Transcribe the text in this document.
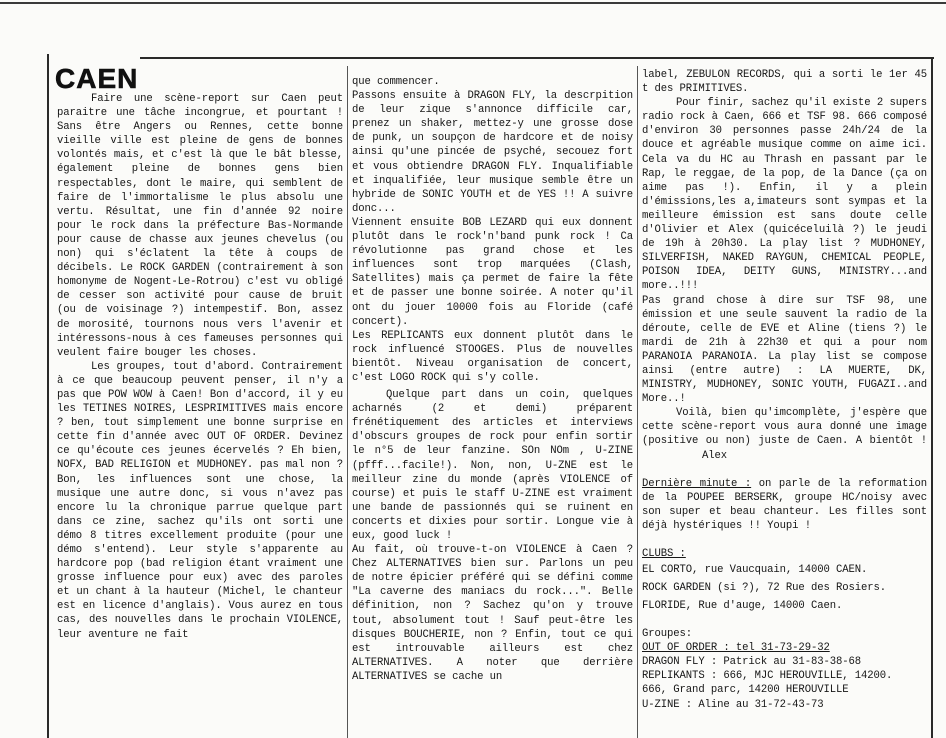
CAEN

Faire une scène-report sur Caen peut paraitre une tâche incongrue, et pourtant ! Sans être Angers ou Rennes, cette bonne vieille ville est pleine de gens de bonnes volontés mais, et c'est là que le bât blesse, également pleine de bonnes gens bien respectables, dont le maire, qui semblent de faire de l'immortalisme le plus absolu une vertu. Résultat, une fin d'année 92 noire pour le rock dans la préfecture Bas-Normande pour cause de chasse aux jeunes chevelus (ou non) qui s'éclatent la tête à coups de décibels. Le ROCK GARDEN (contrairement à son homonyme de Nogent-Le-Rotrou) c'est vu obligé de cesser son activité pour cause de bruit (ou de voisinage ?) intempestif. Bon, assez de morosité, tournons nous vers l'avenir et intéressons-nous à ces fameuses personnes qui veulent faire bouger les choses.

Les groupes, tout d'abord. Contrairement à ce que beaucoup peuvent penser, il n'y a pas que POW WOW à Caen! Bon d'accord, il y eu les TETINES NOIRES, LESPRIMITIVES mais encore ? ben, tout simplement une bonne surprise en cette fin d'année avec OUT OF ORDER. Devinez ce qu'écoute ces jeunes écervelés ? Eh bien, NOFX, BAD RELIGION et MUDHONEY. pas mal non ? Bon, les influences sont une chose, la musique une autre donc, si vous n'avez pas encore lu la chronique parrue quelque part dans ce zine, sachez qu'ils ont sorti une démo 8 titres excellement produite (pour une démo s'entend). Leur style s'apparente au hardcore pop (bad religion étant vraiment une grosse influence pour eux) avec des paroles et un chant à la hauteur (Michel, le chanteur est en licence d'anglais). Vous aurez en tous cas, des nouvelles dans le prochain VIOLENCE, leur aventure ne fait

que commencer.

Passons ensuite à DRAGON FLY, la descrpition de leur zique s'annonce difficile car, prenez un shaker, mettez-y une grosse dose de punk, un soupçon de hardcore et de noisy ainsi qu'une pincée de psyché, secouez fort et vous obtiendre DRAGON FLY. Inqualifiable et inqualifiée, leur musique semble être un hybride de SONIC YOUTH et de YES !! A suivre donc...

Viennent ensuite BOB LEZARD qui eux donnent plutôt dans le rock'n'band punk rock ! Ca révolutionne pas grand chose et les influences sont trop marquées (Clash, Satellites) mais ça permet de faire la fête et de passer une bonne soirée. A noter qu'il ont du jouer 10000 fois au Floride (café concert).

Les REPLICANTS eux donnent plutôt dans le rock influencé STOOGES. Plus de nouvelles bientôt. Niveau organisation de concert, c'est LOGO ROCK qui s'y colle.

Quelque part dans un coin, quelques acharnés (2 et demi) préparent frénétiquement des articles et interviews d'obscurs groupes de rock pour enfin sortir le n°5 de leur fanzine. SOn NOm , U-ZINE (pfff...facile!). Non, non, U-ZNE est le meilleur zine du monde (après VIOLENCE of course) et puis le staff U-ZINE est vraiment une bande de passionnés qui se ruinent en concerts et dixies pour sortir. Longue vie à eux, good luck !

Au fait, où trouve-t-on VIOLENCE à Caen ? Chez ALTERNATIVES bien sur. Parlons un peu de notre épicier préféré qui se défini comme "La caverne des maniacs du rock...". Belle définition, non ? Sachez qu'on y trouve tout, absolument tout ! Sauf peut-être les disques BOUCHERIE, non ? Enfin, tout ce qui est introuvable ailleurs est chez ALTERNATIVES. A noter que derrière ALTERNATIVES se cache un

label, ZEBULON RECORDS, qui a sorti le 1er 45 t des PRIMITIVES.

Pour finir, sachez qu'il existe 2 supers radio rock à Caen, 666 et TSF 98. 666 composé d'environ 30 personnes passe 24h/24 de la douce et agréable musique comme on aime ici. Cela va du HC au Thrash en passant par le Rap, le reggae, de la pop, de la Dance (ça on aime pas !). Enfin, il y a plein d'émissions,les a,imateurs sont sympas et la meilleure émission est sans doute celle d'Olivier et Alex (quicéceluilà ?) le jeudi de 19h à 20h30. La play list ? MUDHONEY, SILVERFISH, NAKED RAYGUN, CHEMICAL PEOPLE, POISON IDEA, DEITY GUNS, MINISTRY...and more..!!!

Pas grand chose à dire sur TSF 98, une émission et une seule sauvent la radio de la déroute, celle de EVE et Aline (tiens ?) le mardi de 21h à 22h30 et qui a pour nom PARANOIA PARANOIA. La play list se compose ainsi (entre autre) : LA MUERTE, DK, MINISTRY, MUDHONEY, SONIC YOUTH, FUGAZI..and More..!

Voilà, bien qu'imcomplète, j'espère que cette scène-report vous aura donné une image (positive ou non) juste de Caen. A bientôt ! Alex

Dernière minute : on parle de la reformation de la POUPEE BERSERK, groupe HC/noisy avec son super et beau chanteur. Les filles sont déjà hystériques !! Youpi !

CLUBS :

EL CORTO, rue Vaucquain, 14000 CAEN.

ROCK GARDEN (si ?), 72 Rue des Rosiers.

FLORIDE, Rue d'auge, 14000 Caen.

Groupes:

OUT OF ORDER : tel 31-73-29-32

DRAGON FLY : Patrick au 31-83-38-68

REPLIKANTS : 666, MJC HEROUVILLE, 14200.

666, Grand parc, 14200 HEROUVILLE

U-ZINE : Aline au 31-72-43-73
